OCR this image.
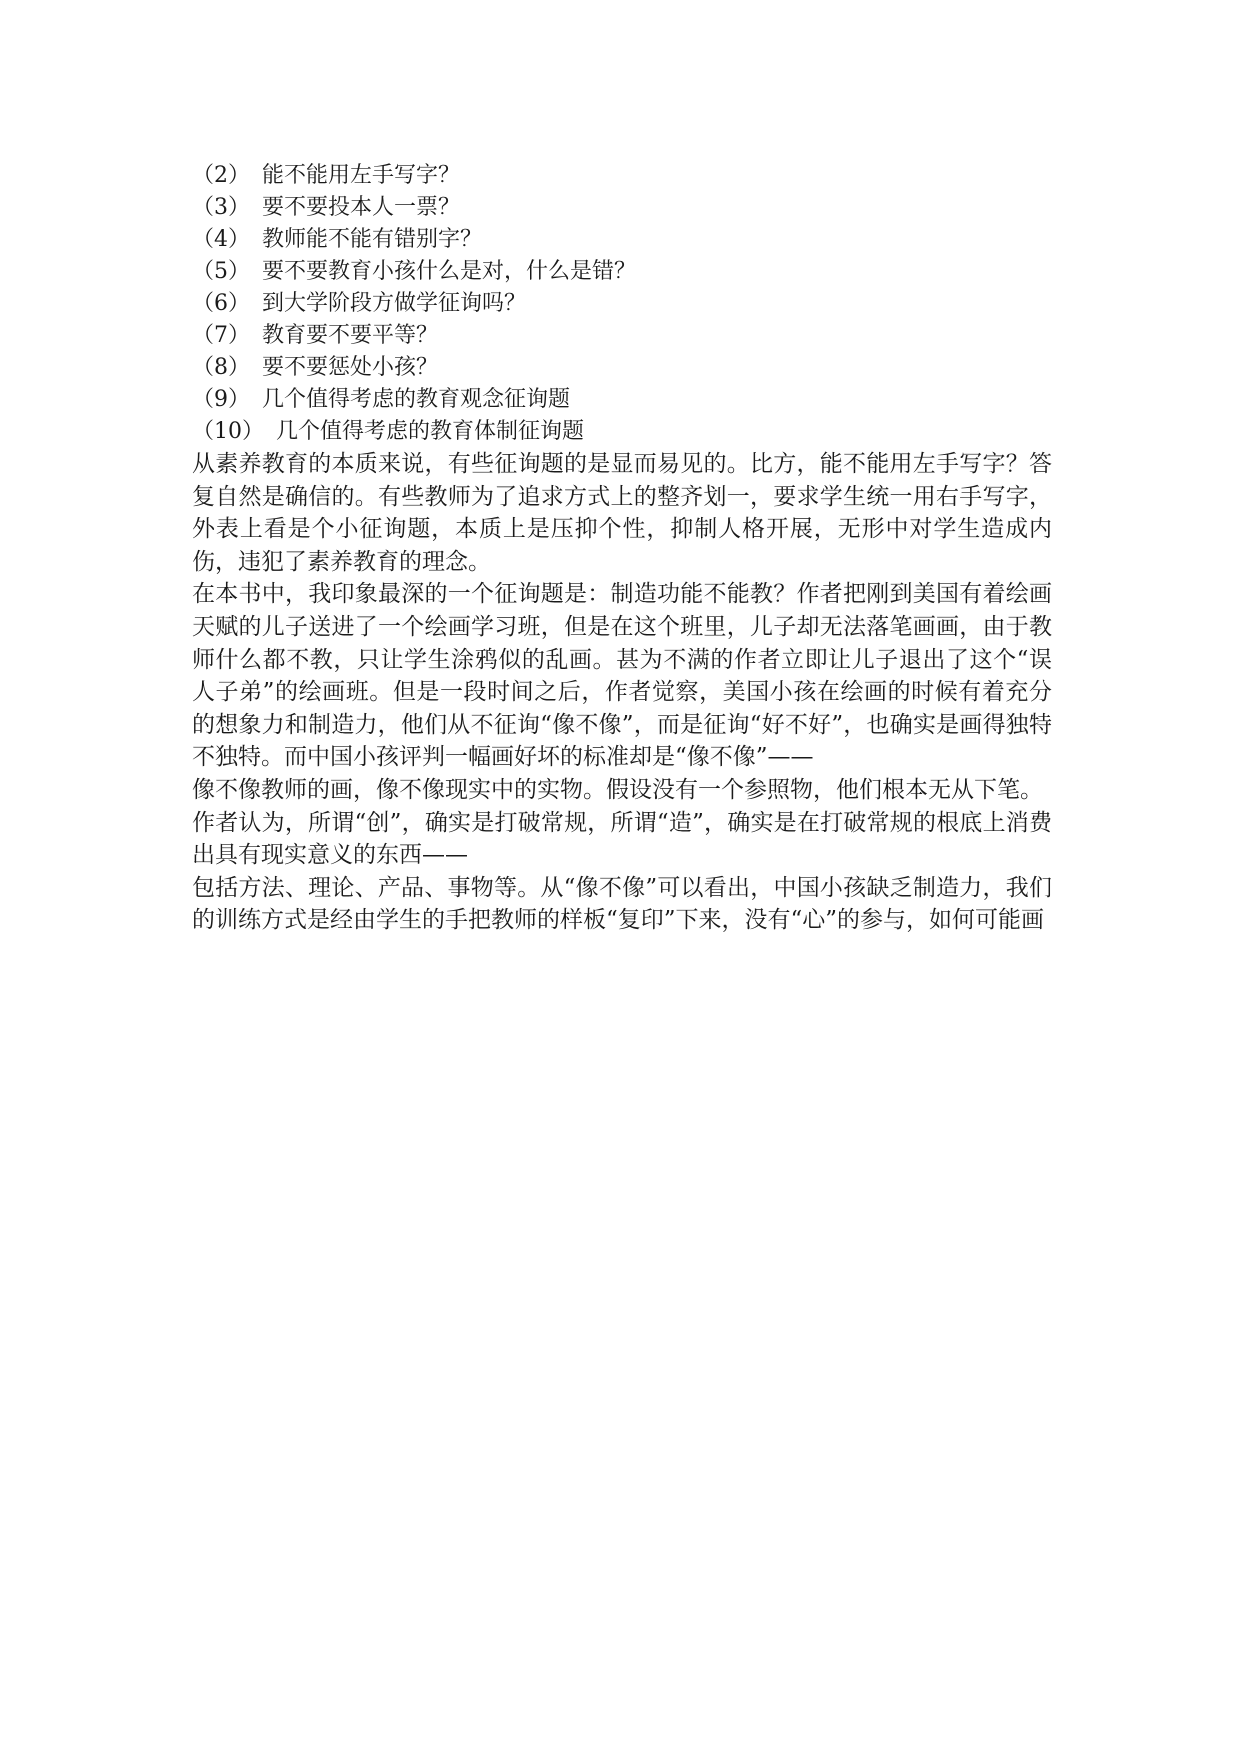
（2） 能不能用左手写字？
（3） 要不要投本人一票？
（4） 教师能不能有错别字？
（5） 要不要教育小孩什么是对，什么是错？
（6） 到大学阶段方做学征询吗？
（7） 教育要不要平等？
（8） 要不要惩处小孩？
（9） 几个值得考虑的教育观念征询题
（10） 几个值得考虑的教育体制征询题

从素养教育的本质来说，有些征询题的是显而易见的。比方，能不能用左手写字？答复自然是确信的。有些教师为了追求方式上的整齐划一，要求学生统一用右手写字，外表上看是个小征询题，本质上是压抑个性，抑制人格开展，无形中对学生造成内伤，违犯了素养教育的理念。

在本书中，我印象最深的一个征询题是：制造功能不能教？作者把刚到美国有着绘画天赋的儿子送进了一个绘画学习班，但是在这个班里，儿子却无法落笔画画，由于教师什么都不教，只让学生涂鸦似的乱画。甚为不满的作者立即让儿子退出了这个“误人子弟”的绘画班。但是一段时间之后，作者觉察，美国小孩在绘画的时候有着充分的想象力和制造力，他们从不征询“像不像”，而是征询“好不好”，也确实是画得独特不独特。而中国小孩评判一幅画好坏的标准却是“像不像”——

像不像教师的画，像不像现实中的实物。假设没有一个参照物，他们根本无从下笔。

作者认为，所谓“创”，确实是打破常规，所谓“造”，确实是在打破常规的根底上消费出具有现实意义的东西——

包括方法、理论、产品、事物等。从“像不像”可以看出，中国小孩缺乏制造力，我们的训练方式是经由学生的手把教师的样板“复印”下来，没有“心”的参与，如何可能画
